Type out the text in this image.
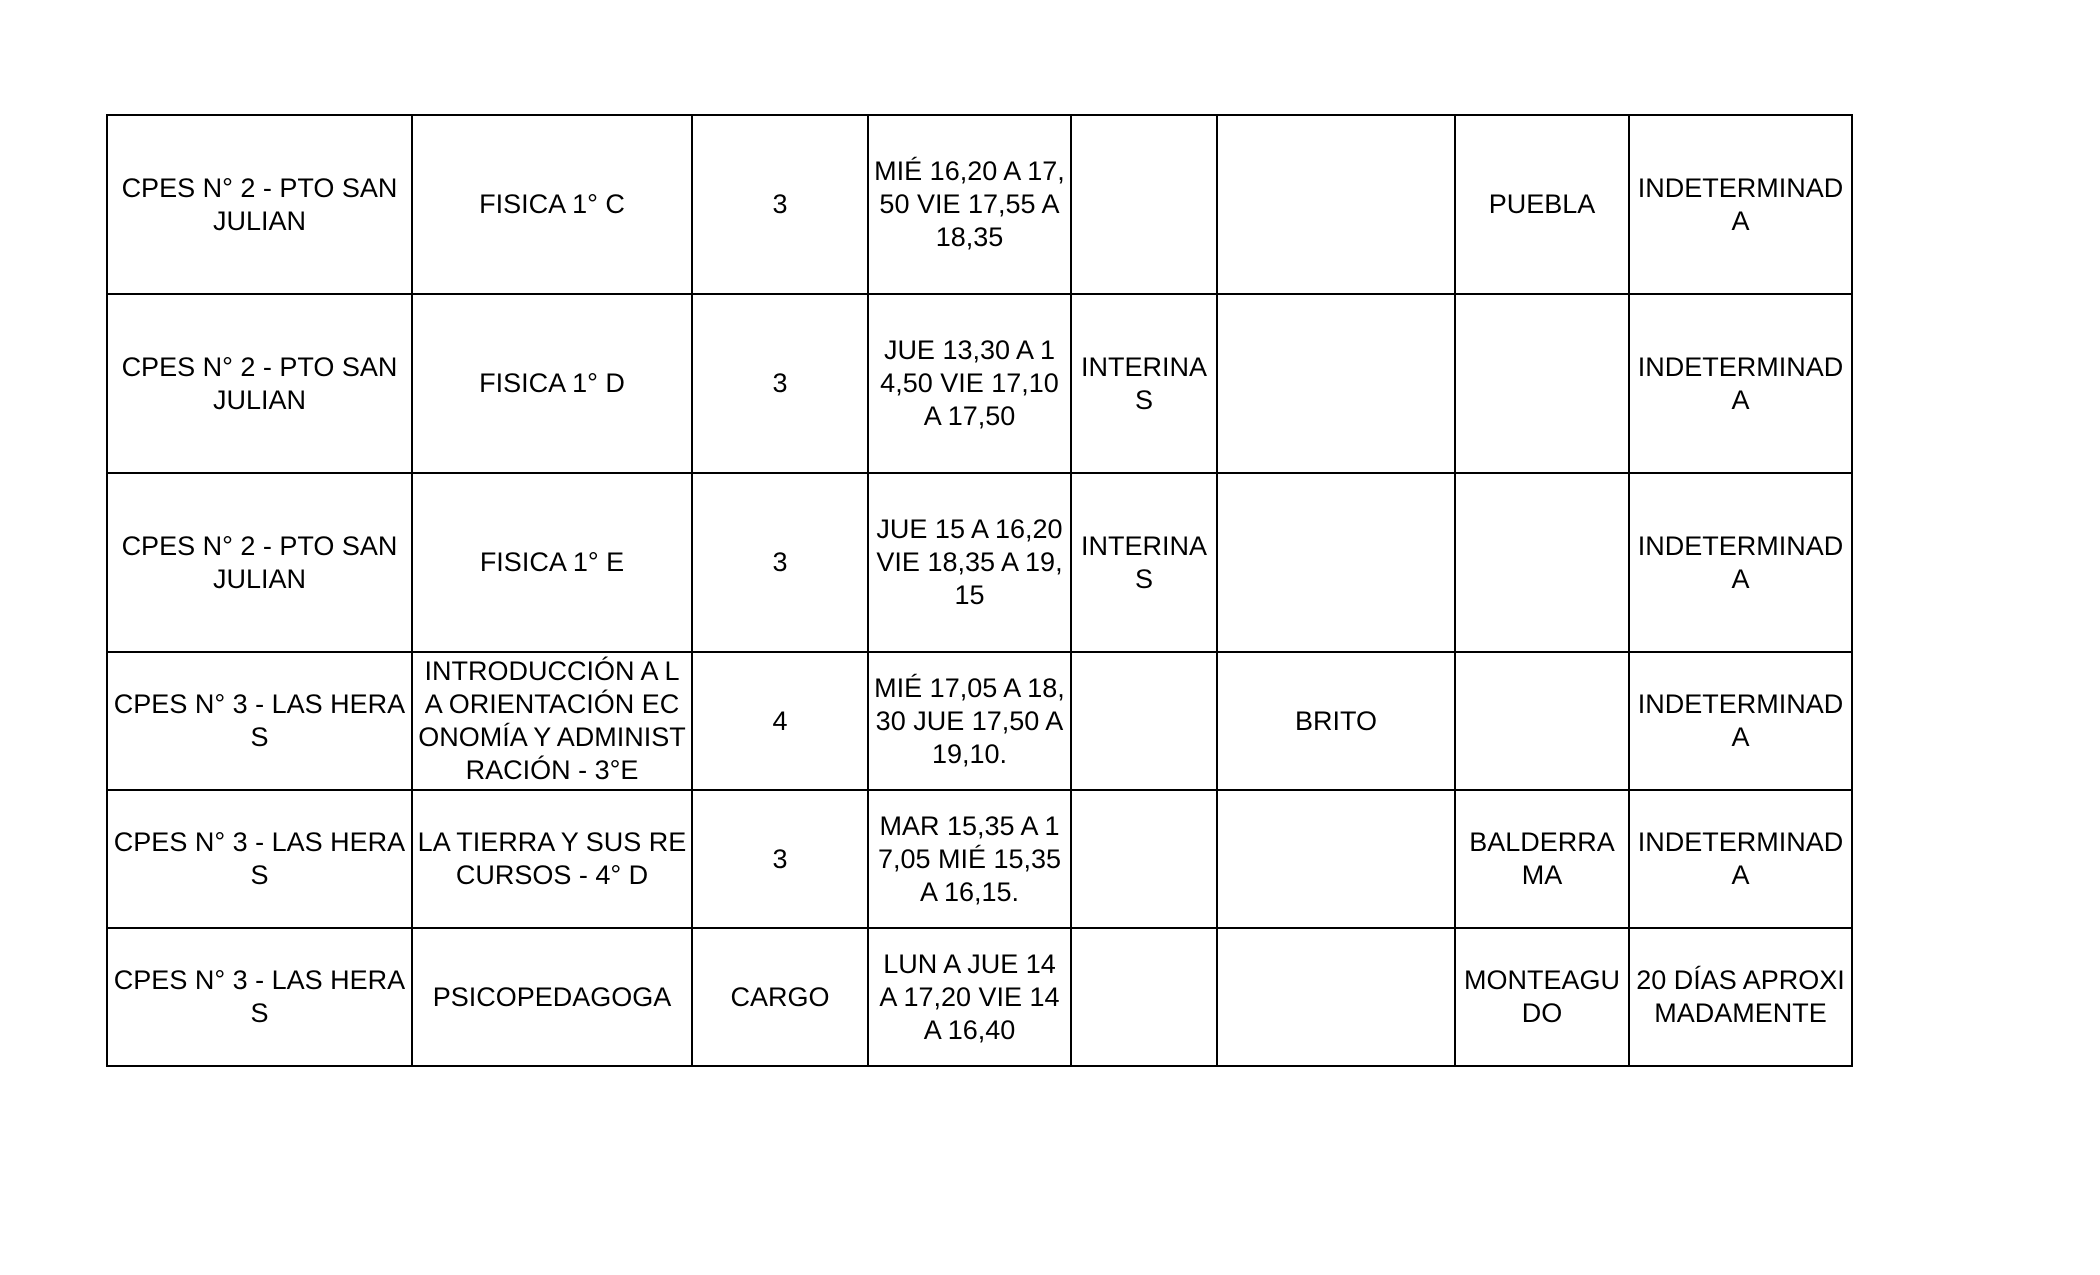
CPES N° 2 - PTO SAN JULIAN	FISICA 1° C	3	MIÉ 16,20 A 17,50 VIE 17,55 A 18,35			PUEBLA	INDETERMINADA
CPES N° 2 - PTO SAN JULIAN	FISICA 1° D	3	JUE 13,30 A 14,50 VIE 17,10 A 17,50	INTERINAS			INDETERMINADA
CPES N° 2 - PTO SAN JULIAN	FISICA 1° E	3	JUE 15 A 16,20 VIE 18,35 A 19,15	INTERINAS			INDETERMINADA
CPES N° 3 - LAS HERAS	INTRODUCCIÓN A LA ORIENTACIÓN ECONOMÍA Y ADMINISTRACIÓN - 3°E	4	MIÉ 17,05 A 18,30 JUE 17,50 A 19,10.		BRITO		INDETERMINADA
CPES N° 3 - LAS HERAS	LA TIERRA Y SUS RECURSOS - 4° D	3	MAR 15,35 A 17,05 MIÉ 15,35 A 16,15.			BALDERRAMA	INDETERMINADA
CPES N° 3 - LAS HERAS	PSICOPEDAGOGA	CARGO	LUN A JUE 14 A 17,20 VIE 14 A 16,40			MONTEAGUDO	20 DÍAS APROXIMADAMENTE
